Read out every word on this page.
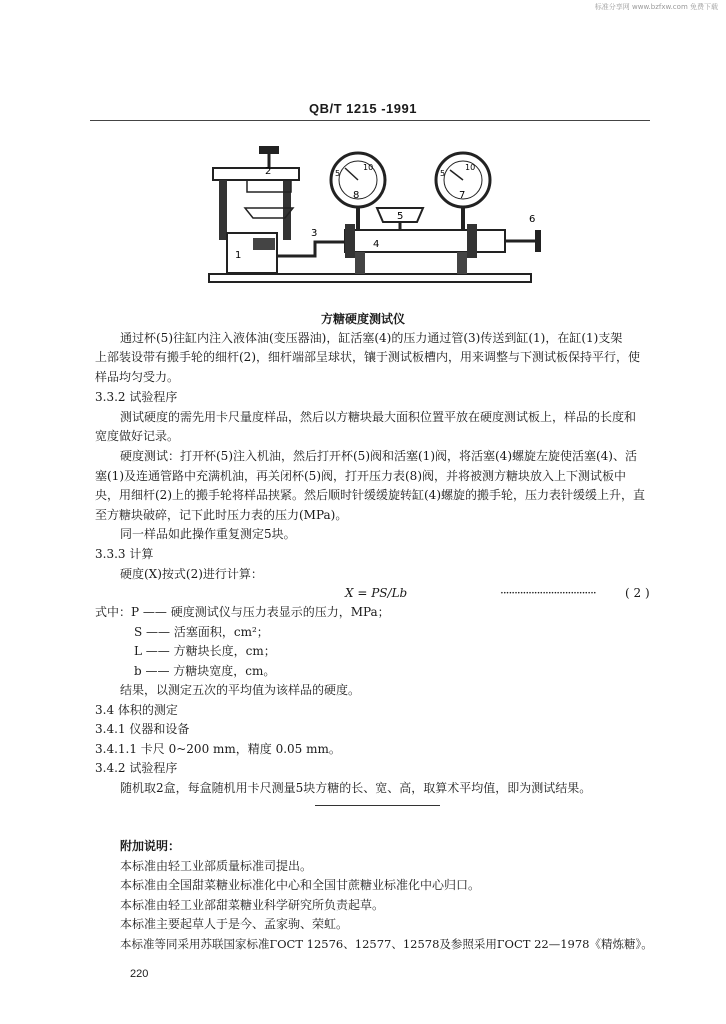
标准分享网 www.bzfxw.com 免费下载
QB/T 1215 -1991
5
10
5
10
1
2
3
4
5	6
7
8
方糖硬度测试仪
通过杯(5)往缸内注入液体油(变压器油)，缸活塞(4)的压力通过管(3)传送到缸(1)，在缸(1)支架
上部装设带有搬手轮的细杆(2)，细杆端部呈球状，镶于测试板槽内，用来调整与下测试板保持平行，使
样品均匀受力。
3.3.2 试验程序
测试硬度的需先用卡尺量度样品，然后以方糖块最大面积位置平放在硬度测试板上，样品的长度和
宽度做好记录。
硬度测试：打开杯(5)注入机油，然后打开杯(5)阀和活塞(1)阀，将活塞(4)螺旋左旋使活塞(4)、活
塞(1)及连通管路中充满机油，再关闭杯(5)阀，打开压力表(8)阀，并将被测方糖块放入上下测试板中
央，用细杆(2)上的搬手轮将样品挟紧。然后顺时针缓缓旋转缸(4)螺旋的搬手轮，压力表针缓缓上升，直
至方糖块破碎，记下此时压力表的压力(MPa)。
同一样品如此操作重复测定5块。
3.3.3 计算
硬度(X)按式(2)进行计算：
X = PS/Lb	·································· ( 2 )
式中：P —— 硬度测试仪与压力表显示的压力，MPa；
S —— 活塞面积，cm²；
L —— 方糖块长度，cm；
b —— 方糖块宽度，cm。
结果，以测定五次的平均值为该样品的硬度。
3.4 体积的测定
3.4.1 仪器和设备
3.4.1.1 卡尺 0~200 mm，精度 0.05 mm。
3.4.2 试验程序
随机取2盒，每盒随机用卡尺测量5块方糖的长、宽、高，取算术平均值，即为测试结果。
附加说明：
本标准由轻工业部质量标准司提出。
本标准由全国甜菜糖业标准化中心和全国甘蔗糖业标准化中心归口。
本标准由轻工业部甜菜糖业科学研究所负责起草。
本标准主要起草人于是今、孟家驹、荣虹。
本标准等同采用苏联国家标准ГОСТ 12576、12577、12578及参照采用ГОСТ 22—1978《精炼糖》。
220
